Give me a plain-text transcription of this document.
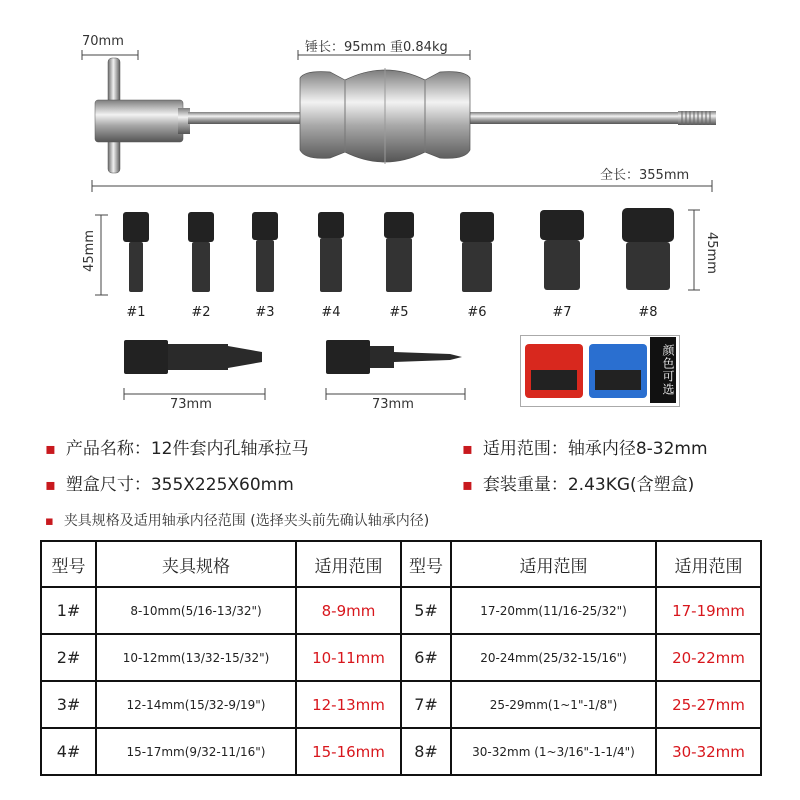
70mm	锤长：95mm 重0.84kg
全长：355mm
45mm	45mm
#1	#2	#3	#4	#5	#6	#7	#8
73mm	73mm
颜色可选
▪ 产品名称：12件套内孔轴承拉马	▪ 适用范围：轴承内径8-32mm
▪ 塑盒尺寸：355X225X60mm	▪ 套装重量：2.43KG(含塑盒)
▪ 夹具规格及适用轴承内径范围 (选择夹头前先确认轴承内径)
型号	夹具规格	适用范围	型号	适用范围	适用范围
1#	8-10mm(5/16-13/32")	8-9mm	5#	17-20mm(11/16-25/32")	17-19mm
2#	10-12mm(13/32-15/32")	10-11mm	6#	20-24mm(25/32-15/16")	20-22mm
3#	12-14mm(15/32-9/19")	12-13mm	7#	25-29mm(1~1"-1/8")	25-27mm
4#	15-17mm(9/32-11/16")	15-16mm	8#	30-32mm (1~3/16"-1-1/4")	30-32mm
